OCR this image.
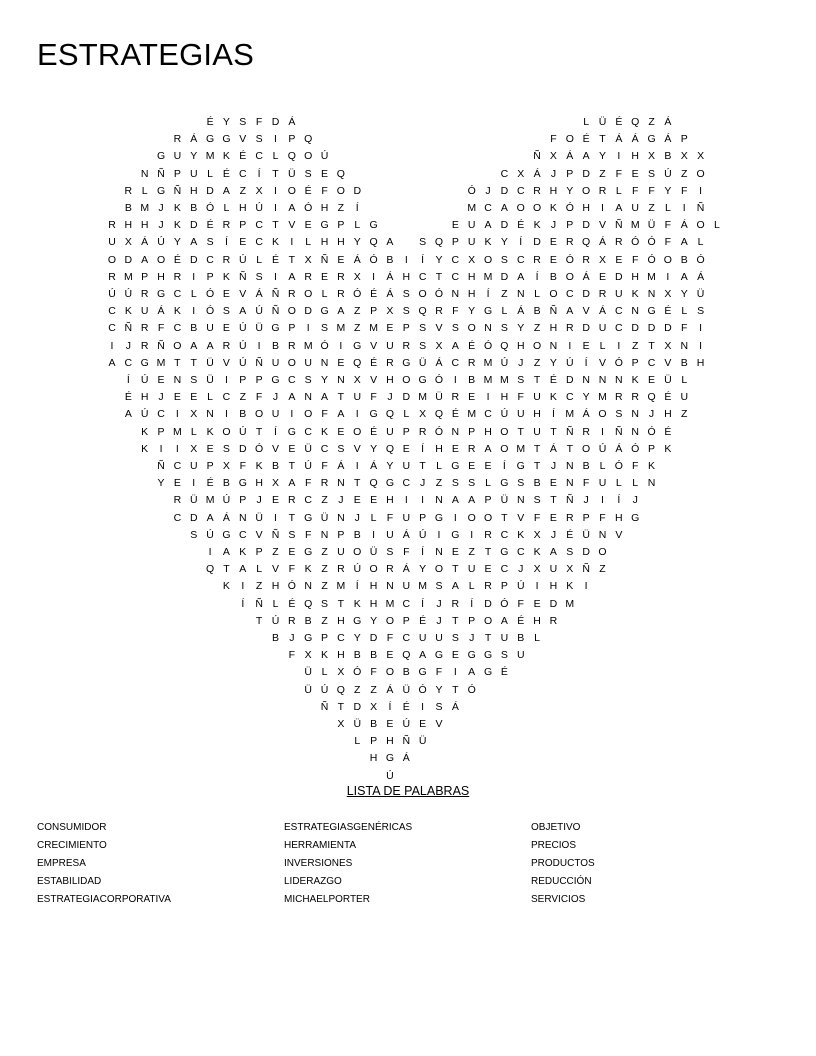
ESTRATEGIAS
É Y S F D Á	L Ü É Q Z Á
R Á G G V S	I	P Q	F O É T Á Á G Á P
G U Y M K É C L Q O Ú	Ñ X Á A Y	I	H X B X X
N Ñ P U L É C	Í	T Ü S E Q	C X Á J P D Z F E S Ú Z O
R L G Ñ H D A Z X	I	O É F O D	Ó J D C R H Y O R L F F Y F	I
B M J K B Ó L H Ú	I	A Ó H Z	Í	M C A O O K Ó H	I	A U Z L	I	Ñ
R H H J K D É R P C T V E G P L G	E U A D É K J P D V Ñ M Ü F Á O L
U X Á Ú Y A S	Í	E C K	I	L H H Y Q A	S Q P U K Y	Í	D E R Q Á R Ó Ó F A L
O D A O É D C R Ú L É T X Ñ E Á Ó B	I	Í	Y C X O S C R E Ó R X E F Ó O B Ó
R M P H R	I	P K Ñ S	I	A R E R X	I	Á H C T C H M D A	Í	B O Á E D H M	I	A Á
Ú Ú R G C L Ó E V Á Ñ R O L R Ó É Á S O Ó N H	Í	Z N L O C D R U K N X Y Ü
C K U Á K	I	Ó S A Ú Ñ O D G A Z P X S Q R F Y G L Á B Ñ A V Á C N G É L S
C Ñ R F C B U E Ú Ü G P	I	S M Z M E P S V S O N S Y Z H R D U C D D D F	I
I	J R Ñ O A A R Ú	I	B R M Ó	I	G V U R S X A É Ó Q H O N	I	E L	I	Z T X N	I
A C G M T T Ü V Ú Ñ U O U N E Q É R G Ü Á C R M Ú J	Z Y Ú	Í	V Ó P C V B H
Í	Ú E N S Ü	I	P P G C S Y N X V H O G Ó	I	B M M S T É D N N N K E Ü L
É H J E E L C Z F	J A N A T U F	J D M Ü R E	I	H F U K C Y M R R Q É U
A Ú C	I	X N	I	B O U	I	O F A	I	G Q L X Q É M C Ú U H	Í	M Á O S N J H Z
K P M L K O Ú T	Í	G C K E O É U P R Ó N P H O T U T Ñ R	I	Ñ N Ó É
K	I	I	X E S D Ó V E Ü C S V Y Q E	Í	H E R A O M T Á T O Ú Á Ó P K
Ñ C U P X F K B T Ú F Á	I	Á Y U T L G E E	Í	G T	J N B L Ó F K
Y E	I	É B G H X A F R N T Q G C J	Z S S L G S B E N F U L	L N
R Ü M Ú P J E R C Z	J E E H	I	I	N A A P Ü N S T Ñ J	I	Í	J
C D A Á N Ü	I	T G Ü N J	L F U P G	I	O O T V F E R P F H G
S Ú G C V Ñ S F N P B	I	U Á Ú	I	G	I	R C K X J É Ü N V
I	A K P Z E G Z U O Ü S F	Í	N E Z T G C K A S D O
Q T A L V F K Z R Ú O R Á Y O T U E C J X U X Ñ Z
K	I	Z H Ó N Z M	Í	H N U M S A L R P Ú	I	H K	I
Í	Ñ L É Q S T K H M C	Í	J R	Í	D Ó F E D M
T Ú R B Z H G Y O P É J	T P O A É H R
B J G P C Y D F C U U S J	T U B L
F X K H B B E Q A G E G G S U
Ü L X Ó F O B G F	I	A G É
Ü Ú Q Z Z Á Ü Ó Y T Ó
Ñ T D X	Í	É	I	S Á
X Ü B E Ú E V
L P H Ñ Ü
H G Á
Ú
LISTA DE PALABRAS
CONSUMIDOR
CRECIMIENTO
EMPRESA
ESTABILIDAD
ESTRATEGIACORPORATIVA
ESTRATEGIASGENÉRICAS
HERRAMIENTA
INVERSIONES
LIDERAZGO
MICHAELPORTER
OBJETIVO
PRECIOS
PRODUCTOS
REDUCCIÓN
SERVICIOS
